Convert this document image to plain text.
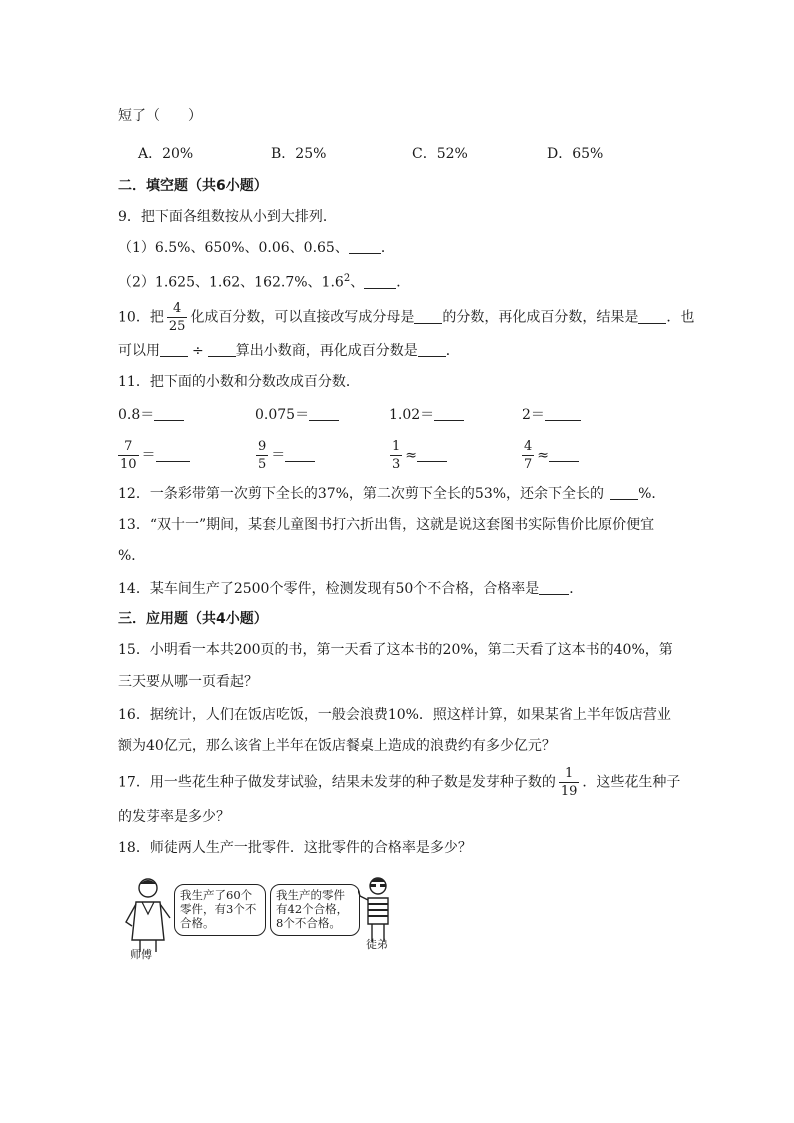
短了（　　）
A．20%	B．25%	C．52%	D．65%
二．填空题（共6小题）
9．把下面各组数按从小到大排列．
（1）6.5%、650%、0.06、0.65、 ．
（2）1.625、1.62、162.7%、$1.6^{2̇}$、 ．
10．把 $\frac{4}{25}$ 化成百分数，可以直接改写成分母是 的分数，再化成百分数，结果是 ．也
可以用 ÷ 算出小数商，再化成百分数是 ．
11．把下面的小数和分数改成百分数．
0.8＝	0.075＝	1.02＝	2＝
$\frac{7}{10}$ ＝	$\frac{9}{5}$ ＝	$\frac{1}{3}$ ≈	$\frac{4}{7}$ ≈
12．一条彩带第一次剪下全长的37%，第二次剪下全长的53%，还余下全长的 %．
13．“双十一”期间，某套儿童图书打六折出售，这就是说这套图书实际售价比原价便宜
%．
14．某车间生产了2500个零件，检测发现有50个不合格，合格率是 ．
三．应用题（共4小题）
15．小明看一本共200页的书，第一天看了这本书的20%，第二天看了这本书的40%，第
三天要从哪一页看起？
16．据统计，人们在饭店吃饭，一般会浪费10%．照这样计算，如果某省上半年饭店营业
额为40亿元，那么该省上半年在饭店餐桌上造成的浪费约有多少亿元？
17．用一些花生种子做发芽试验，结果未发芽的种子数是发芽种子数的 $\frac{1}{19}$ ．这些花生种子
的发芽率是多少？
18．师徒两人生产一批零件．这批零件的合格率是多少？
师傅
我生产了60个零件，有3个不合格。
我生产的零件有42个合格，8个不合格。
徒弟
